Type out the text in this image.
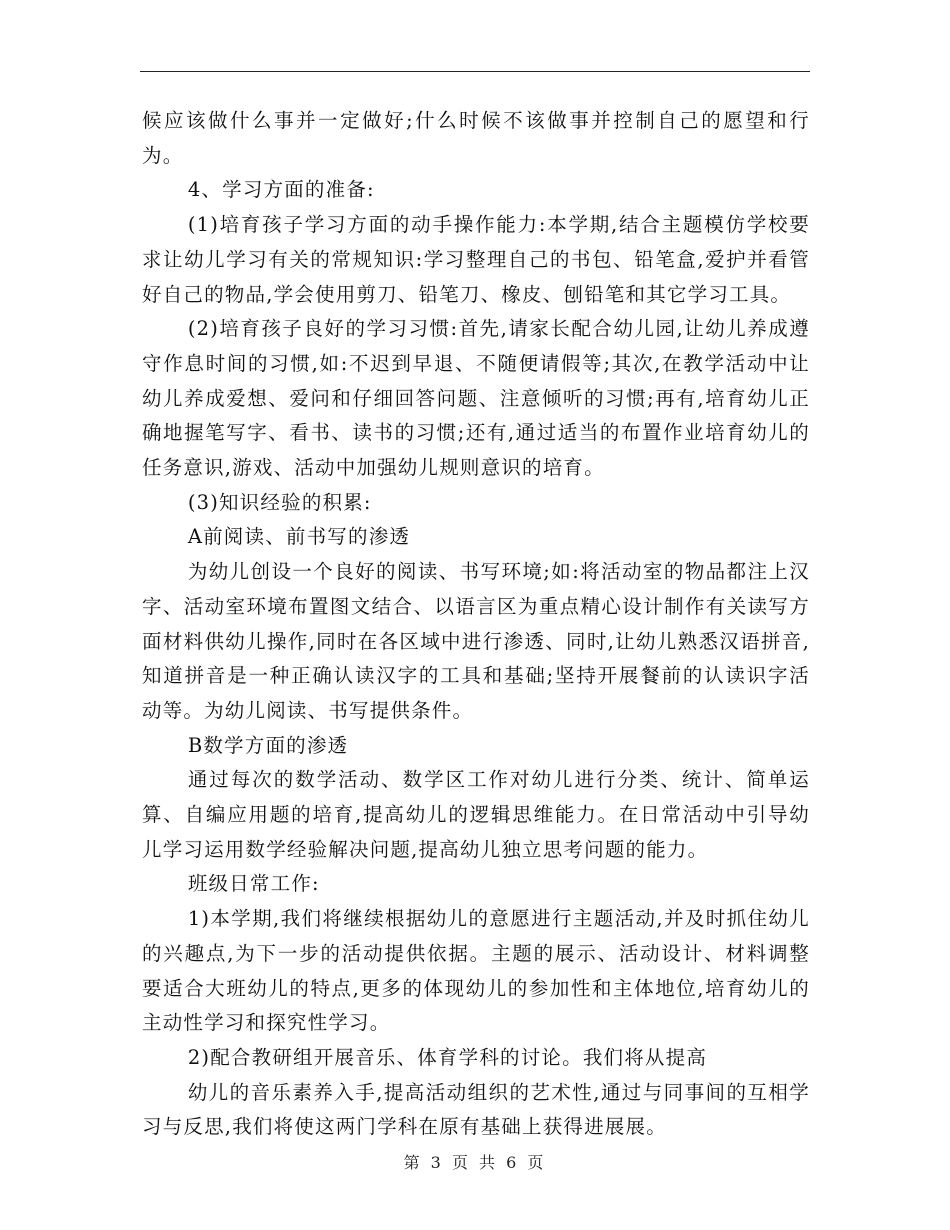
候应该做什么事并一定做好;什么时候不该做事并控制自己的愿望和行为。

4、学习方面的准备:

(1)培育孩子学习方面的动手操作能力:本学期,结合主题模仿学校要求让幼儿学习有关的常规知识:学习整理自己的书包、铅笔盒,爱护并看管好自己的物品,学会使用剪刀、铅笔刀、橡皮、刨铅笔和其它学习工具。

(2)培育孩子良好的学习习惯:首先,请家长配合幼儿园,让幼儿养成遵守作息时间的习惯,如:不迟到早退、不随便请假等;其次,在教学活动中让幼儿养成爱想、爱问和仔细回答问题、注意倾听的习惯;再有,培育幼儿正确地握笔写字、看书、读书的习惯;还有,通过适当的布置作业培育幼儿的任务意识,游戏、活动中加强幼儿规则意识的培育。

(3)知识经验的积累:

A前阅读、前书写的渗透

为幼儿创设一个良好的阅读、书写环境;如:将活动室的物品都注上汉字、活动室环境布置图文结合、以语言区为重点精心设计制作有关读写方面材料供幼儿操作,同时在各区域中进行渗透、同时,让幼儿熟悉汉语拼音,知道拼音是一种正确认读汉字的工具和基础;坚持开展餐前的认读识字活动等。为幼儿阅读、书写提供条件。

B数学方面的渗透

通过每次的数学活动、数学区工作对幼儿进行分类、统计、简单运算、自编应用题的培育,提高幼儿的逻辑思维能力。在日常活动中引导幼儿学习运用数学经验解决问题,提高幼儿独立思考问题的能力。

班级日常工作:

1)本学期,我们将继续根据幼儿的意愿进行主题活动,并及时抓住幼儿的兴趣点,为下一步的活动提供依据。主题的展示、活动设计、材料调整要适合大班幼儿的特点,更多的体现幼儿的参加性和主体地位,培育幼儿的主动性学习和探究性学习。

2)配合教研组开展音乐、体育学科的讨论。我们将从提高

幼儿的音乐素养入手,提高活动组织的艺术性,通过与同事间的互相学习与反思,我们将使这两门学科在原有基础上获得进展展。

第 3 页 共 6 页
